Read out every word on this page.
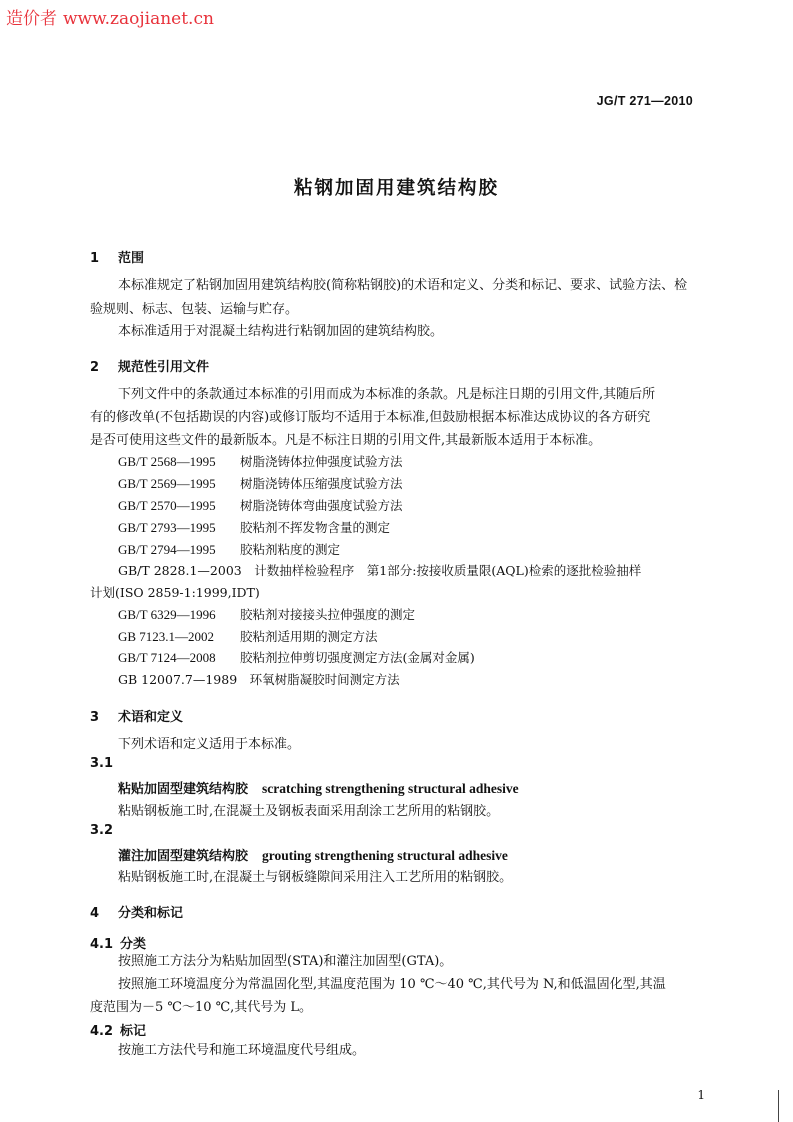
造价者 www.zaojianet.cn
JG/T 271—2010
粘钢加固用建筑结构胶
1 范围
本标准规定了粘钢加固用建筑结构胶(简称粘钢胶)的术语和定义、分类和标记、要求、试验方法、检
验规则、标志、包装、运输与贮存。
本标准适用于对混凝土结构进行粘钢加固的建筑结构胶。
2 规范性引用文件
下列文件中的条款通过本标准的引用而成为本标准的条款。凡是标注日期的引用文件,其随后所
有的修改单(不包括勘误的内容)或修订版均不适用于本标准,但鼓励根据本标准达成协议的各方研究
是否可使用这些文件的最新版本。凡是不标注日期的引用文件,其最新版本适用于本标准。
GB/T 2568—1995 树脂浇铸体拉伸强度试验方法
GB/T 2569—1995 树脂浇铸体压缩强度试验方法
GB/T 2570—1995 树脂浇铸体弯曲强度试验方法
GB/T 2793—1995 胶粘剂不挥发物含量的测定
GB/T 2794—1995 胶粘剂粘度的测定
GB/T 2828.1—2003　计数抽样检验程序　第1部分:按接收质量限(AQL)检索的逐批检验抽样
计划(ISO 2859-1:1999,IDT)
GB/T 6329—1996 胶粘剂对接接头拉伸强度的测定
GB 7123.1—2002 胶粘剂适用期的测定方法
GB/T 7124—2008 胶粘剂拉伸剪切强度测定方法(金属对金属)
GB 12007.7—1989　环氧树脂凝胶时间测定方法
3 术语和定义
下列术语和定义适用于本标准。
3.1
粘贴加固型建筑结构胶 scratching strengthening structural adhesive
粘贴钢板施工时,在混凝土及钢板表面采用刮涂工艺所用的粘钢胶。
3.2
灌注加固型建筑结构胶 grouting strengthening structural adhesive
粘贴钢板施工时,在混凝土与钢板缝隙间采用注入工艺所用的粘钢胶。
4 分类和标记
4.1 分类
按照施工方法分为粘贴加固型(STA)和灌注加固型(GTA)。
按照施工环境温度分为常温固化型,其温度范围为 10 ℃～40 ℃,其代号为 N,和低温固化型,其温
度范围为－5 ℃～10 ℃,其代号为 L。
4.2 标记
按施工方法代号和施工环境温度代号组成。
1
